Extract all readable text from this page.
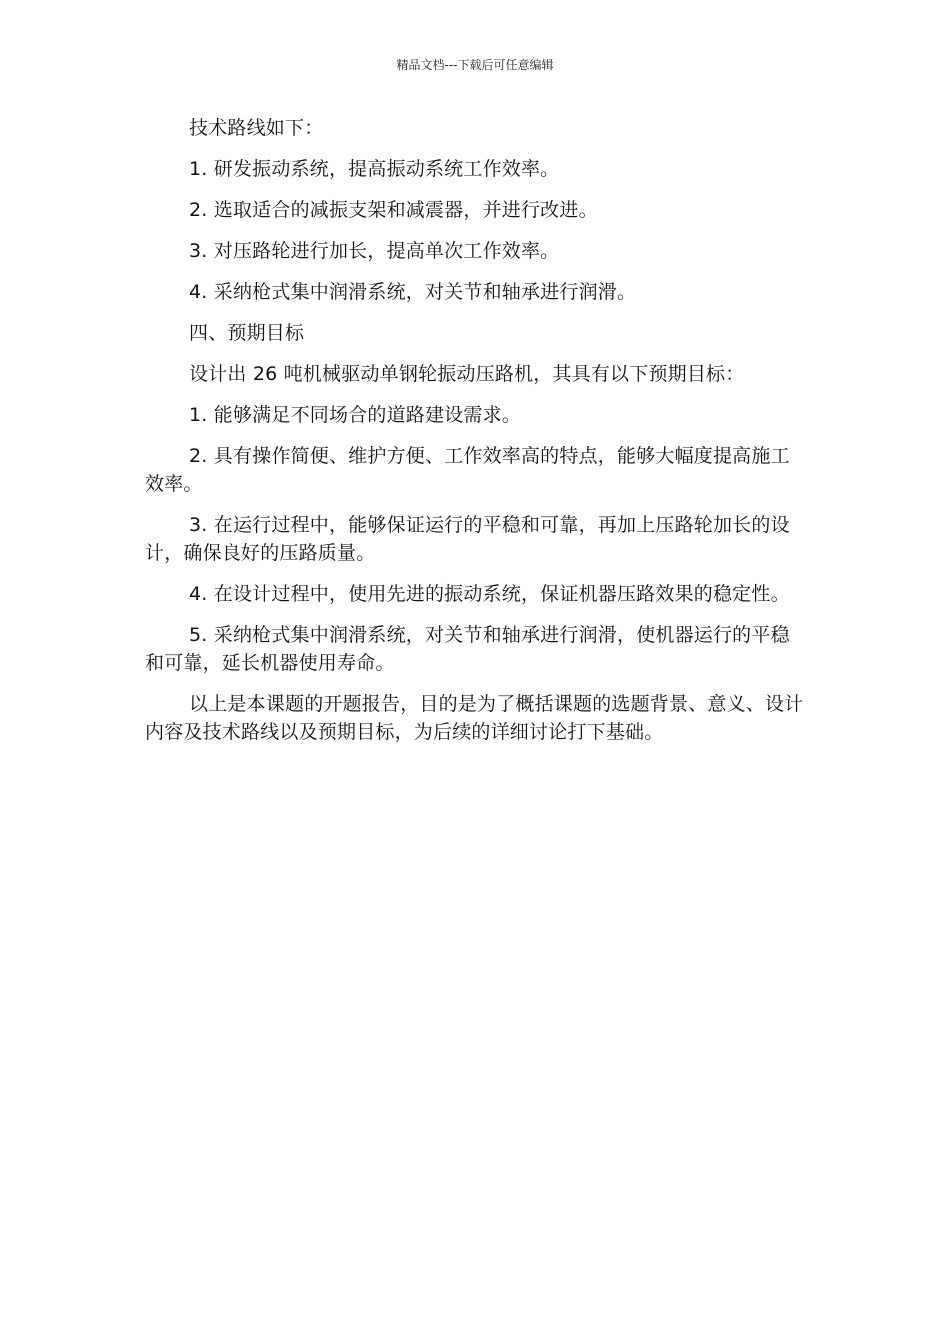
精品文档---下载后可任意编辑

技术路线如下：

1. 研发振动系统，提高振动系统工作效率。

2. 选取适合的减振支架和减震器，并进行改进。

3. 对压路轮进行加长，提高单次工作效率。

4. 采纳枪式集中润滑系统，对关节和轴承进行润滑。

四、预期目标

设计出 26 吨机械驱动单钢轮振动压路机，其具有以下预期目标：

1. 能够满足不同场合的道路建设需求。

2. 具有操作简便、维护方便、工作效率高的特点，能够大幅度提高施工效率。

3. 在运行过程中，能够保证运行的平稳和可靠，再加上压路轮加长的设计，确保良好的压路质量。

4. 在设计过程中，使用先进的振动系统，保证机器压路效果的稳定性。

5. 采纳枪式集中润滑系统，对关节和轴承进行润滑，使机器运行的平稳和可靠，延长机器使用寿命。

以上是本课题的开题报告，目的是为了概括课题的选题背景、意义、设计内容及技术路线以及预期目标，为后续的详细讨论打下基础。
